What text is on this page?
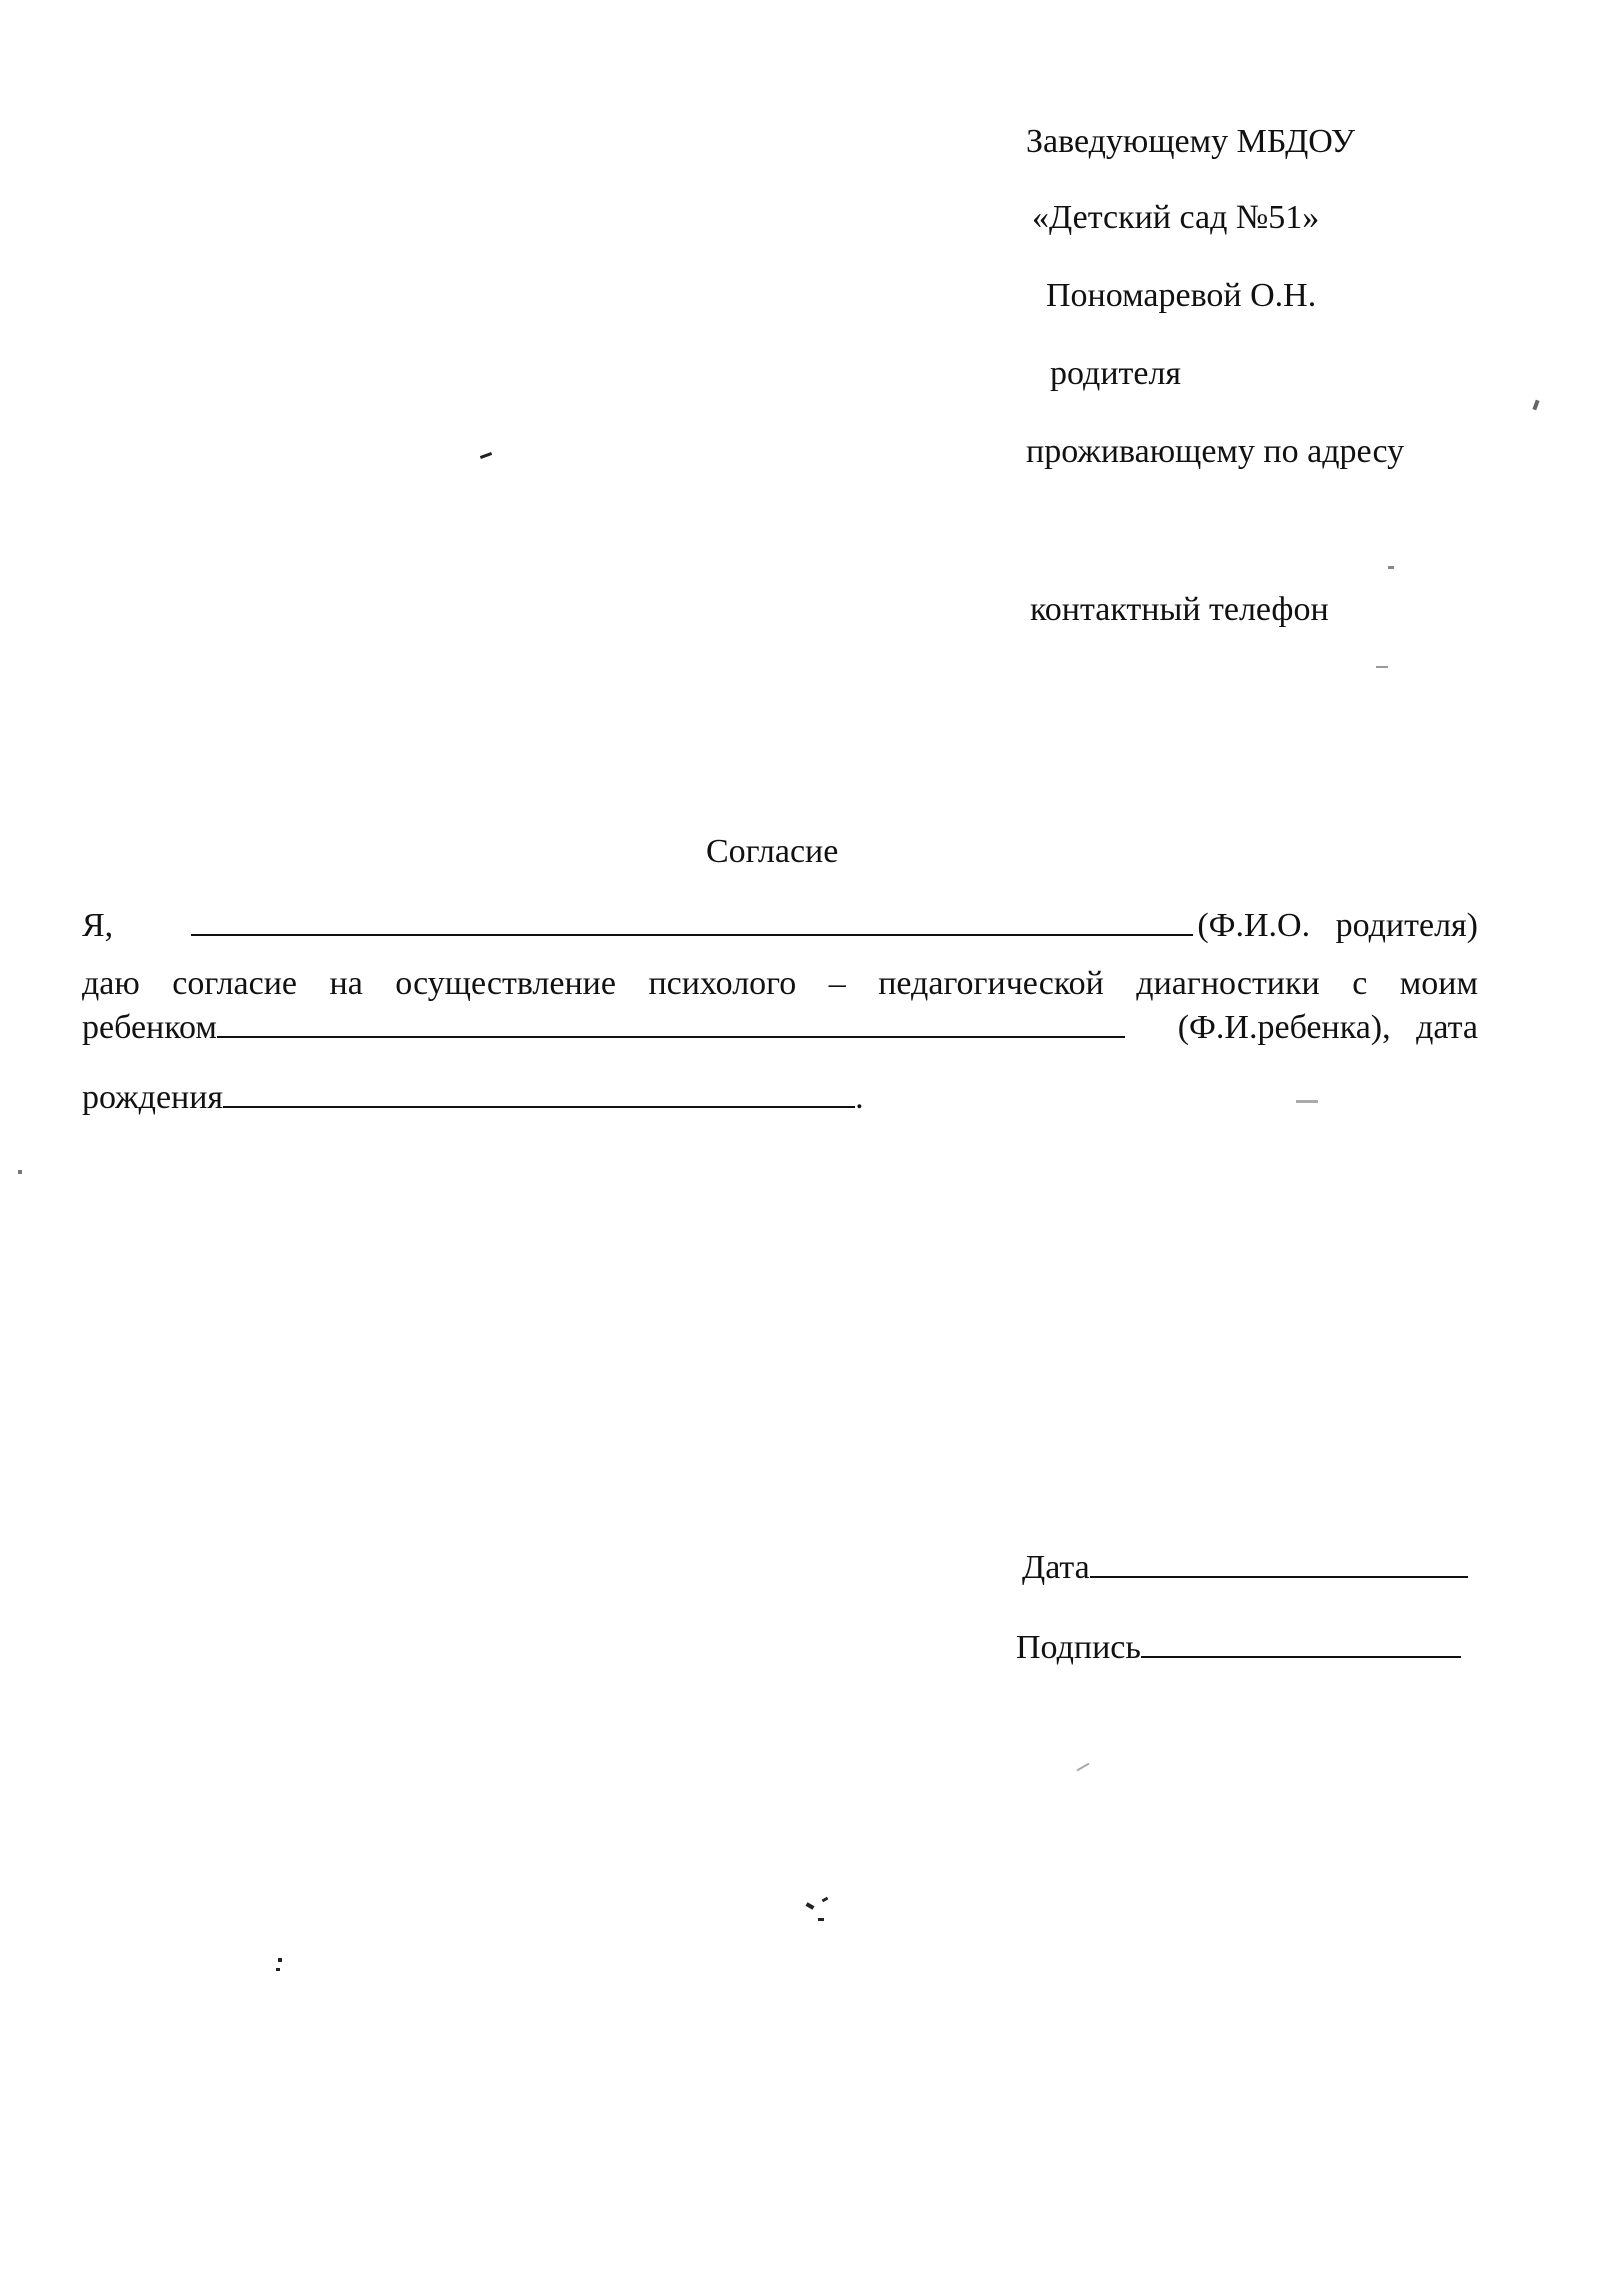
Заведующему МБДОУ
«Детский сад №51»
Пономаревой О.Н.
родителя
проживающему по адресу
контактный телефон
Согласие
Я,	(Ф.И.О.   родителя)
даю согласие на осуществление психолого – педагогической диагностики с моим
ребенком	(Ф.И.ребенка),   дата
рождения	.
Дата
Подпись
